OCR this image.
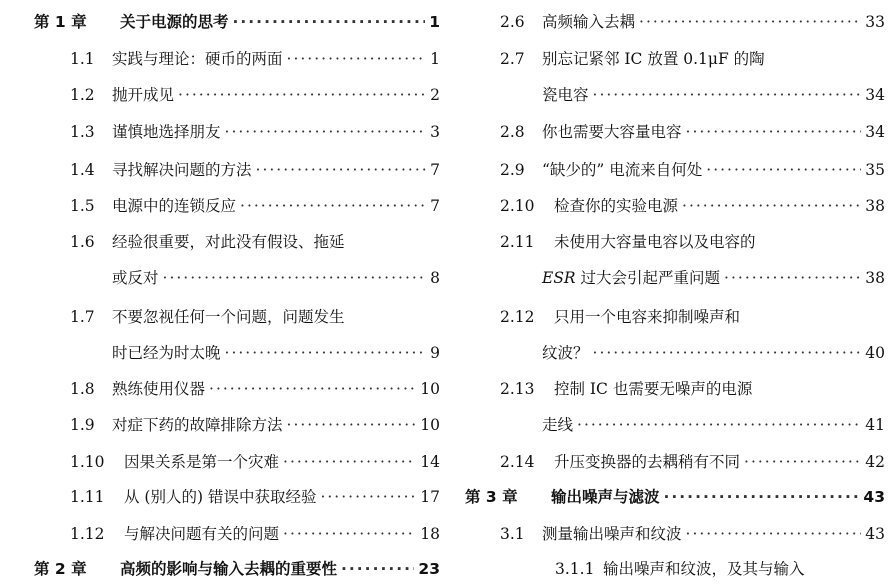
第 1 章	关于电源的思考 ·····	1
1.1	实践与理论：硬币的两面 ·····	1
1.2	抛开成见 ·····	2
1.3	谨慎地选择朋友 ·····	3
1.4	寻找解决问题的方法 ·····	7
1.5	电源中的连锁反应 ·····	7
1.6	经验很重要，对此没有假设、拖延
或反对 ·····	8
1.7	不要忽视任何一个问题，问题发生
时已经为时太晚 ·····	9
1.8	熟练使用仪器 ·····	10
1.9	对症下药的故障排除方法 ·····	10
1.10	因果关系是第一个灾难 ·····	14
1.11	从 (别人的) 错误中获取经验 ·····	17
1.12	与解决问题有关的问题 ·····	18
第 2 章	高频的影响与输入去耦的重要性 ·····	23
2.6	高频输入去耦 ·····	33
2.7	别忘记紧邻 IC 放置 0.1μF 的陶
瓷电容 ·····	34
2.8	你也需要大容量电容 ·····	34
2.9	“缺少的” 电流来自何处 ·····	35
2.10	检查你的实验电源 ·····	38
2.11	未使用大容量电容以及电容的
ESR 过大会引起严重问题 ·····	38
2.12	只用一个电容来抑制噪声和
纹波？ ·····	40
2.13	控制 IC 也需要无噪声的电源
走线 ·····	41
2.14	升压变换器的去耦稍有不同 ·····	42
第 3 章	输出噪声与滤波 ·····	43
3.1	测量输出噪声和纹波 ·····	43
3.1.1 输出噪声和纹波，及其与输入
